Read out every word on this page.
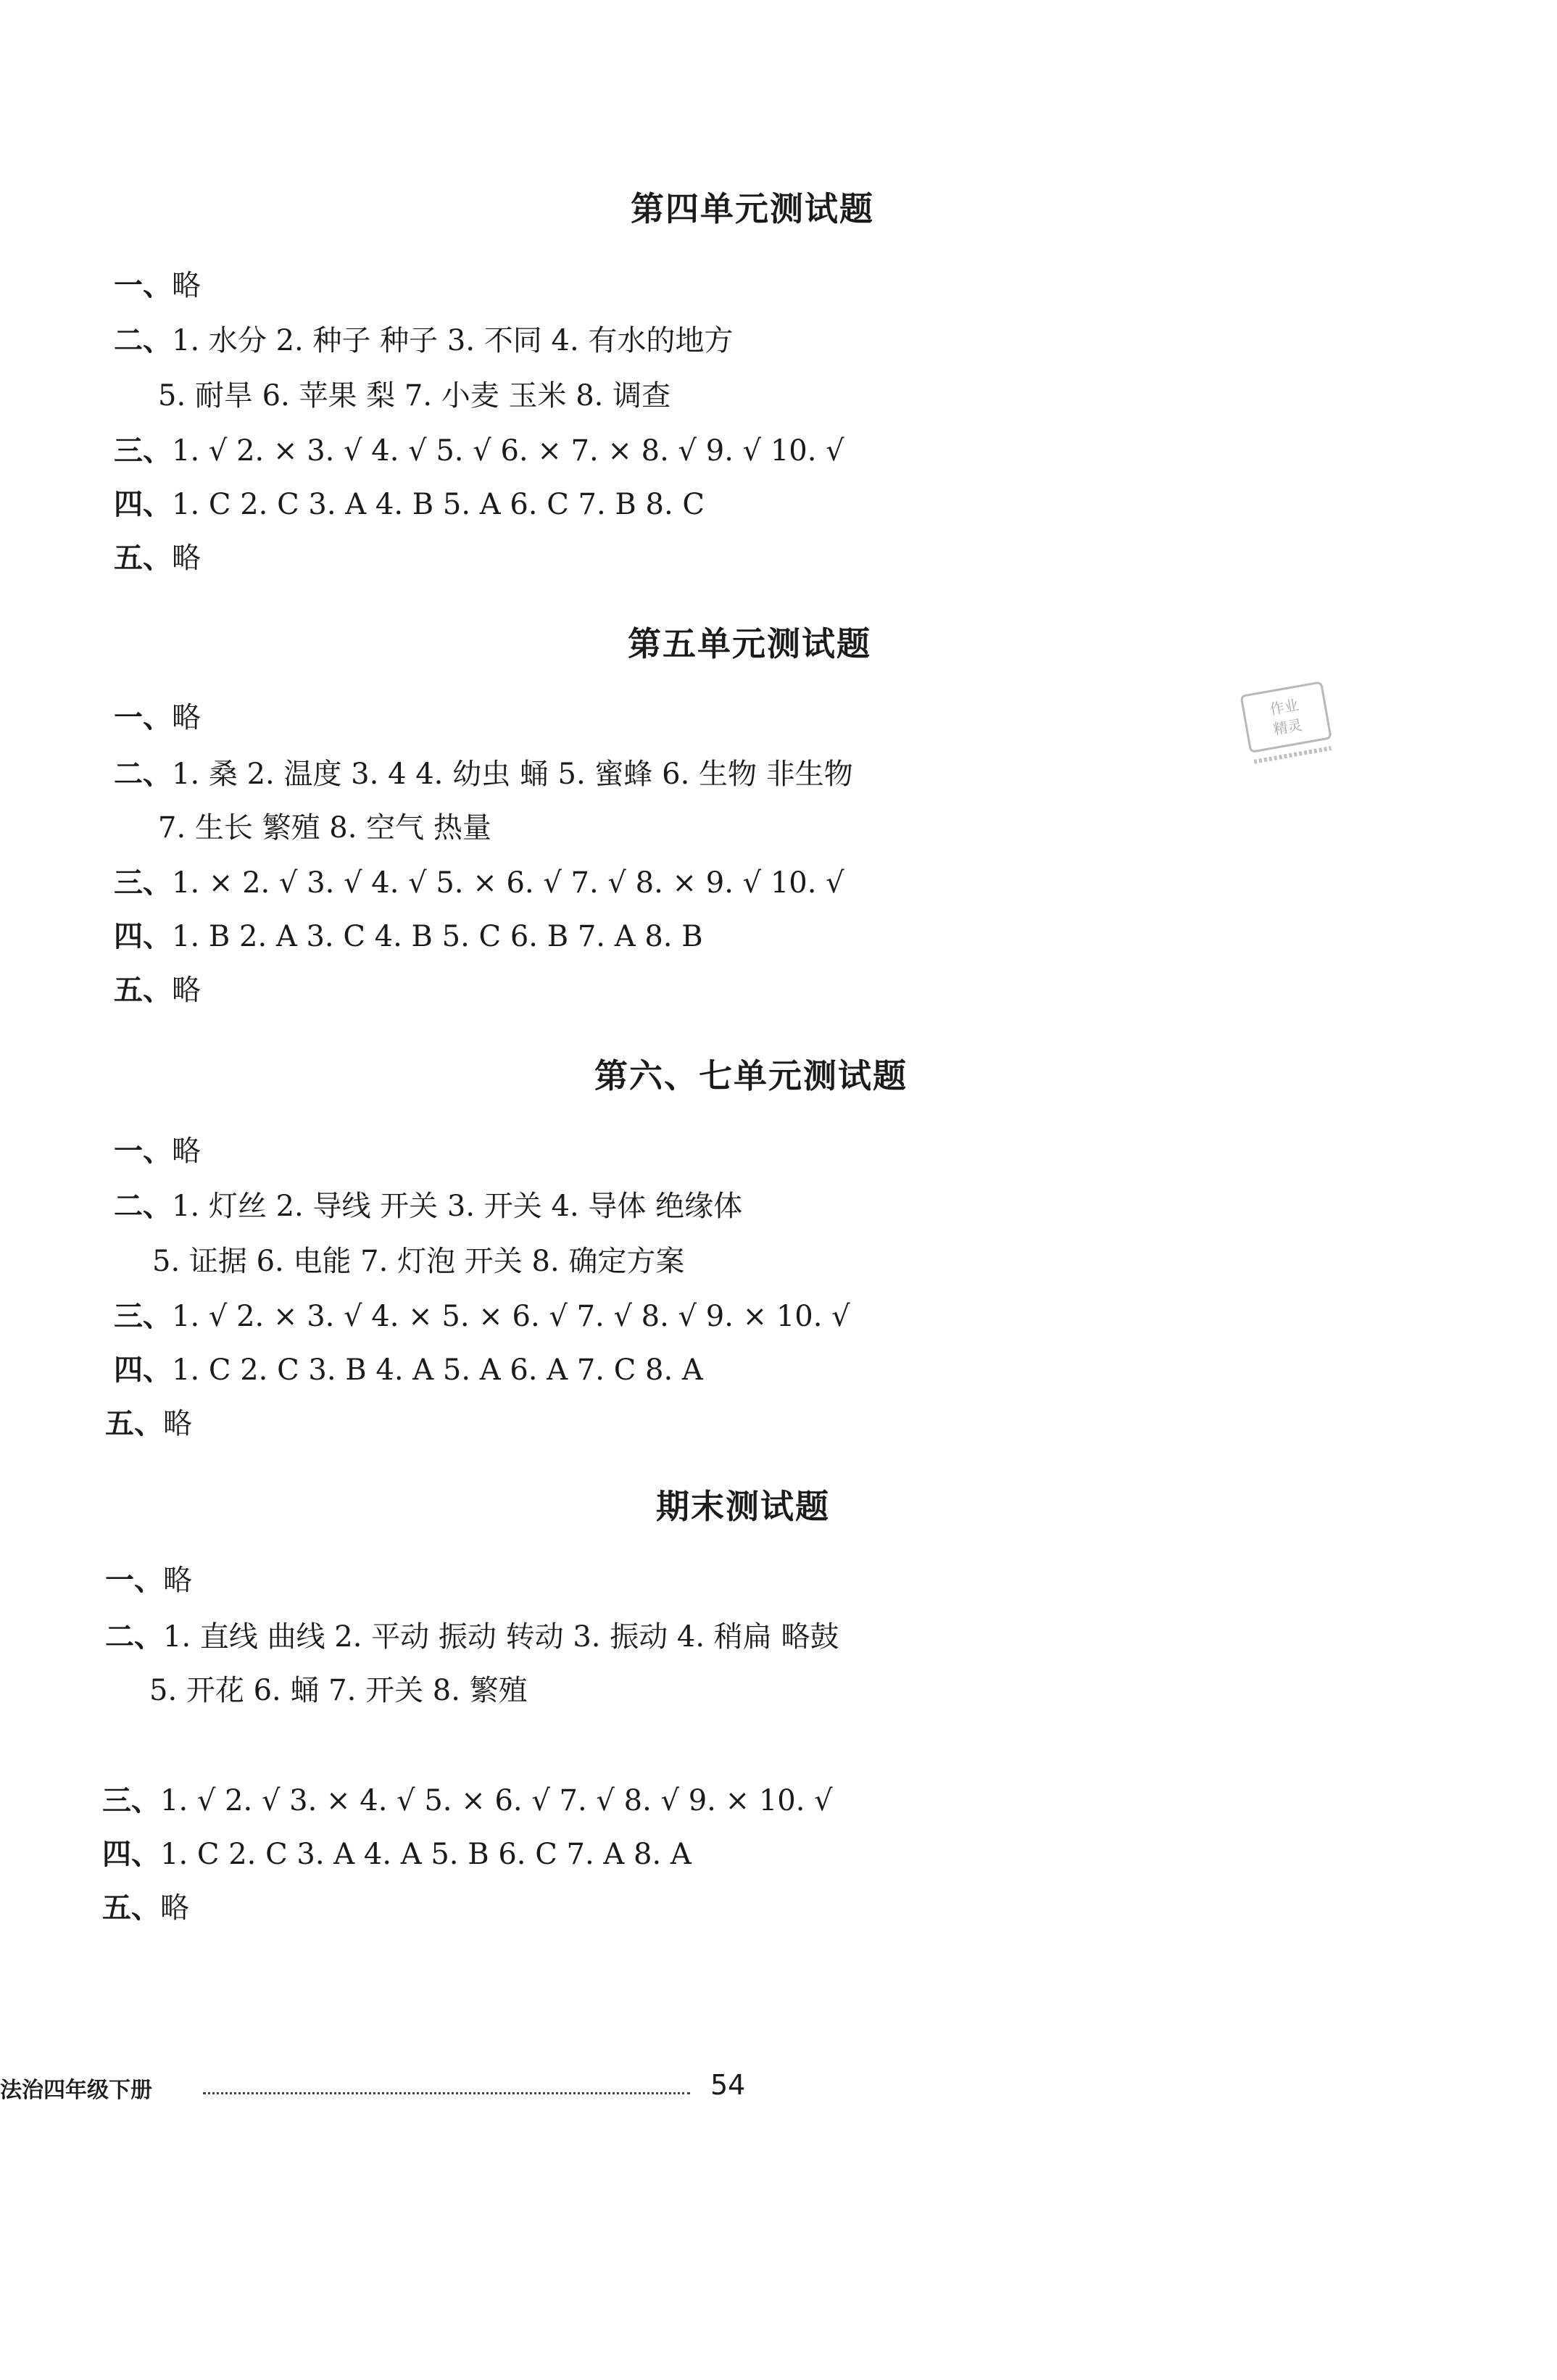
第四单元测试题
一、略
二、1. 水分 2. 种子 种子 3. 不同 4. 有水的地方
5. 耐旱 6. 苹果 梨 7. 小麦 玉米 8. 调查
三、1. √ 2. × 3. √ 4. √ 5. √ 6. × 7. × 8. √ 9. √ 10. √
四、1. C 2. C 3. A 4. B 5. A 6. C 7. B 8. C
五、略
第五单元测试题
一、略
二、1. 桑 2. 温度 3. 4 4. 幼虫 蛹 5. 蜜蜂 6. 生物 非生物
7. 生长 繁殖 8. 空气 热量
三、1. × 2. √ 3. √ 4. √ 5. × 6. √ 7. √ 8. × 9. √ 10. √
四、1. B 2. A 3. C 4. B 5. C 6. B 7. A 8. B
五、略
作业
精灵
第六、七单元测试题
一、略
二、1. 灯丝 2. 导线 开关 3. 开关 4. 导体 绝缘体
5. 证据 6. 电能 7. 灯泡 开关 8. 确定方案
三、1. √ 2. × 3. √ 4. × 5. × 6. √ 7. √ 8. √ 9. × 10. √
四、1. C 2. C 3. B 4. A 5. A 6. A 7. C 8. A
五、略
期末测试题
一、略
二、1. 直线 曲线 2. 平动 振动 转动 3. 振动 4. 稍扁 略鼓
5. 开花 6. 蛹 7. 开关 8. 繁殖
三、1. √ 2. √ 3. × 4. √ 5. × 6. √ 7. √ 8. √ 9. × 10. √
四、1. C 2. C 3. A 4. A 5. B 6. C 7. A 8. A
五、略
法治四年级下册	54
